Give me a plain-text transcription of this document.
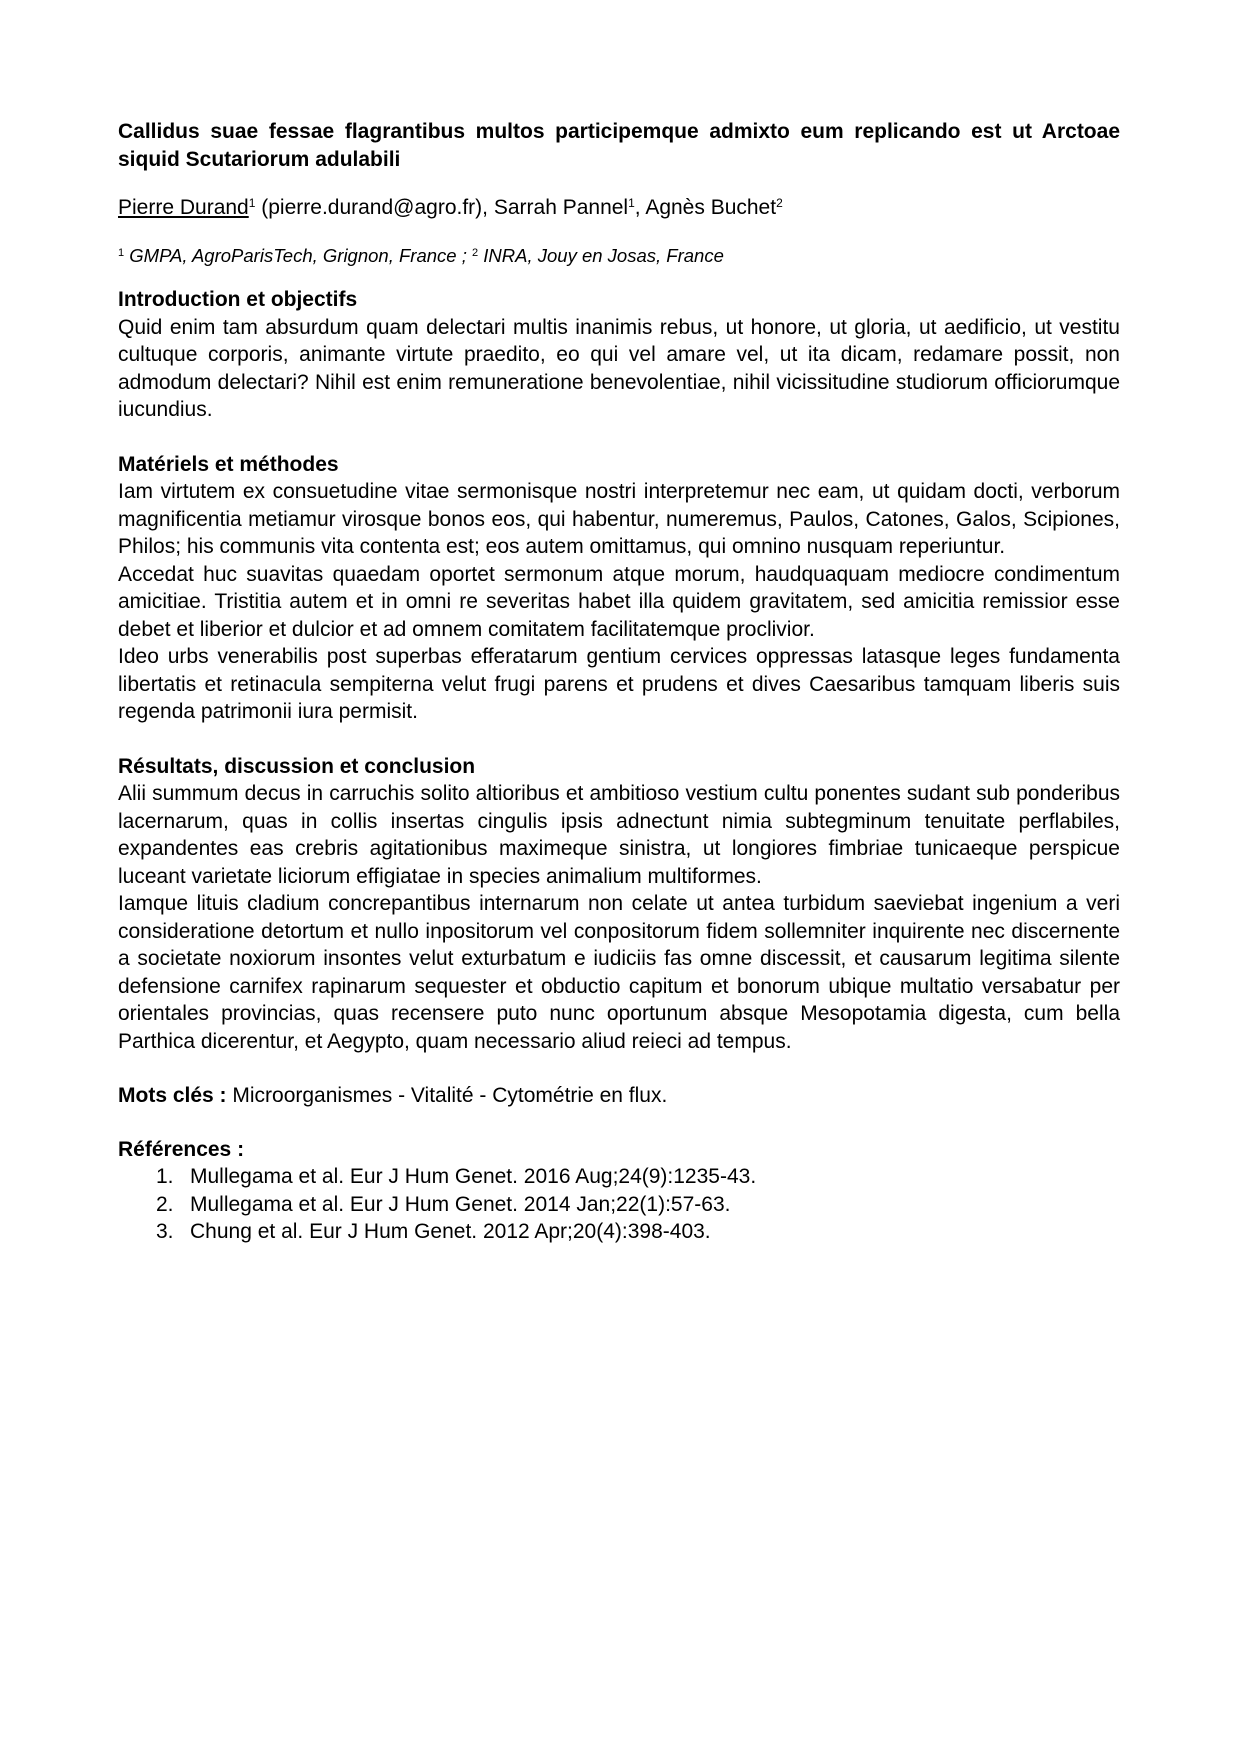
Callidus suae fessae flagrantibus multos participemque admixto eum replicando est ut Arctoae siquid Scutariorum adulabili
Pierre Durand$^1$ (pierre.durand@agro.fr), Sarrah Pannel$^1$, Agnès Buchet$^2$
$^1$ GMPA, AgroParisTech, Grignon, France ; $^2$ INRA, Jouy en Josas, France
Introduction et objectifs

Quid enim tam absurdum quam delectari multis inanimis rebus, ut honore, ut gloria, ut aedificio, ut vestitu cultuque corporis, animante virtute praedito, eo qui vel amare vel, ut ita dicam, redamare possit, non admodum delectari? Nihil est enim remuneratione benevolentiae, nihil vicissitudine studiorum officiorumque iucundius.

Matériels et méthodes

Iam virtutem ex consuetudine vitae sermonisque nostri interpretemur nec eam, ut quidam docti, verborum magnificentia metiamur virosque bonos eos, qui habentur, numeremus, Paulos, Catones, Galos, Scipiones, Philos; his communis vita contenta est; eos autem omittamus, qui omnino nusquam reperiuntur.

Accedat huc suavitas quaedam oportet sermonum atque morum, haudquaquam mediocre condimentum amicitiae. Tristitia autem et in omni re severitas habet illa quidem gravitatem, sed amicitia remissior esse debet et liberior et dulcior et ad omnem comitatem facilitatemque proclivior.

Ideo urbs venerabilis post superbas efferatarum gentium cervices oppressas latasque leges fundamenta libertatis et retinacula sempiterna velut frugi parens et prudens et dives Caesaribus tamquam liberis suis regenda patrimonii iura permisit.

Résultats, discussion et conclusion

Alii summum decus in carruchis solito altioribus et ambitioso vestium cultu ponentes sudant sub ponderibus lacernarum, quas in collis insertas cingulis ipsis adnectunt nimia subtegminum tenuitate perflabiles, expandentes eas crebris agitationibus maximeque sinistra, ut longiores fimbriae tunicaeque perspicue luceant varietate liciorum effigiatae in species animalium multiformes.

Iamque lituis cladium concrepantibus internarum non celate ut antea turbidum saeviebat ingenium a veri consideratione detortum et nullo inpositorum vel conpositorum fidem sollemniter inquirente nec discernente a societate noxiorum insontes velut exturbatum e iudiciis fas omne discessit, et causarum legitima silente defensione carnifex rapinarum sequester et obductio capitum et bonorum ubique multatio versabatur per orientales provincias, quas recensere puto nunc oportunum absque Mesopotamia digesta, cum bella Parthica dicerentur, et Aegypto, quam necessario aliud reieci ad tempus.

Mots clés : Microorganismes - Vitalité - Cytométrie en flux.
Références :
1. Mullegama et al. Eur J Hum Genet. 2016 Aug;24(9):1235-43.
2. Mullegama et al. Eur J Hum Genet. 2014 Jan;22(1):57-63.
3. Chung et al. Eur J Hum Genet. 2012 Apr;20(4):398-403.
